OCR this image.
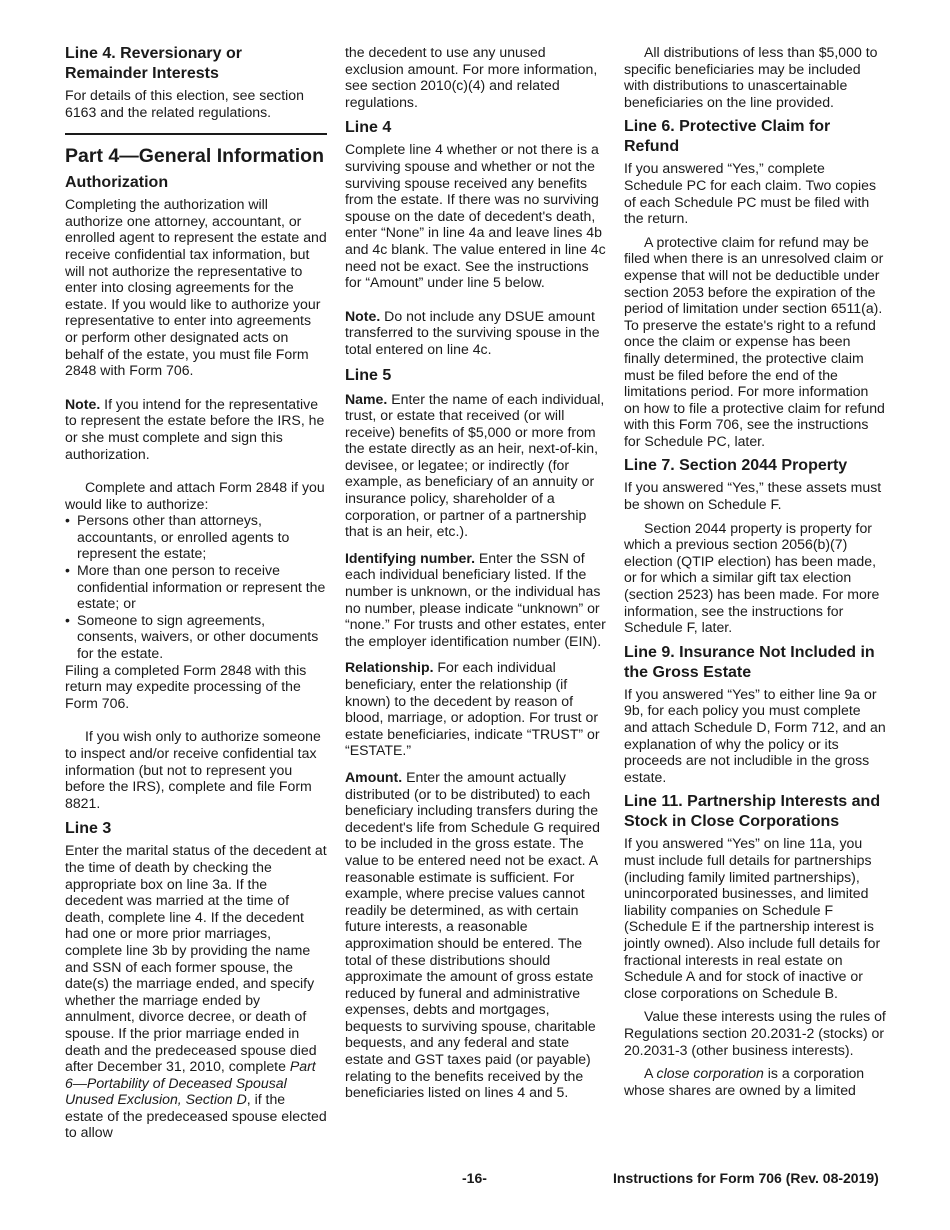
Line 4. Reversionary or Remainder Interests

For details of this election, see section 6163 and the related regulations.

Part 4—General Information
Authorization

Completing the authorization will authorize one attorney, accountant, or enrolled agent to represent the estate and receive confidential tax information, but will not authorize the representative to enter into closing agreements for the estate. If you would like to authorize your representative to enter into agreements or perform other designated acts on behalf of the estate, you must file Form 2848 with Form 706.

Note. If you intend for the representative to represent the estate before the IRS, he or she must complete and sign this authorization.

Complete and attach Form 2848 if you would like to authorize:

• Persons other than attorneys, accountants, or enrolled agents to represent the estate;

• More than one person to receive confidential information or represent the estate; or

• Someone to sign agreements, consents, waivers, or other documents for the estate.

Filing a completed Form 2848 with this return may expedite processing of the Form 706.

If you wish only to authorize someone to inspect and/or receive confidential tax information (but not to represent you before the IRS), complete and file Form 8821.

Line 3

Enter the marital status of the decedent at the time of death by checking the appropriate box on line 3a. If the decedent was married at the time of death, complete line 4. If the decedent had one or more prior marriages, complete line 3b by providing the name and SSN of each former spouse, the date(s) the marriage ended, and specify whether the marriage ended by annulment, divorce decree, or death of spouse. If the prior marriage ended in death and the predeceased spouse died after December 31, 2010, complete Part 6—Portability of Deceased Spousal Unused Exclusion, Section D, if the estate of the predeceased spouse elected to allow

the decedent to use any unused exclusion amount. For more information, see section 2010(c)(4) and related regulations.

Line 4

Complete line 4 whether or not there is a surviving spouse and whether or not the surviving spouse received any benefits from the estate. If there was no surviving spouse on the date of decedent's death, enter “None” in line 4a and leave lines 4b and 4c blank. The value entered in line 4c need not be exact. See the instructions for “Amount” under line 5 below.

Note. Do not include any DSUE amount transferred to the surviving spouse in the total entered on line 4c.

Line 5

Name. Enter the name of each individual, trust, or estate that received (or will receive) benefits of $5,000 or more from the estate directly as an heir, next-of-kin, devisee, or legatee; or indirectly (for example, as beneficiary of an annuity or insurance policy, shareholder of a corporation, or partner of a partnership that is an heir, etc.).

Identifying number. Enter the SSN of each individual beneficiary listed. If the number is unknown, or the individual has no number, please indicate “unknown” or “none.” For trusts and other estates, enter the employer identification number (EIN).

Relationship. For each individual beneficiary, enter the relationship (if known) to the decedent by reason of blood, marriage, or adoption. For trust or estate beneficiaries, indicate “TRUST” or “ESTATE.”

Amount. Enter the amount actually distributed (or to be distributed) to each beneficiary including transfers during the decedent's life from Schedule G required to be included in the gross estate. The value to be entered need not be exact. A reasonable estimate is sufficient. For example, where precise values cannot readily be determined, as with certain future interests, a reasonable approximation should be entered. The total of these distributions should approximate the amount of gross estate reduced by funeral and administrative expenses, debts and mortgages, bequests to surviving spouse, charitable bequests, and any federal and state estate and GST taxes paid (or payable) relating to the benefits received by the beneficiaries listed on lines 4 and 5.

All distributions of less than $5,000 to specific beneficiaries may be included with distributions to unascertainable beneficiaries on the line provided.

Line 6. Protective Claim for Refund

If you answered “Yes,” complete Schedule PC for each claim. Two copies of each Schedule PC must be filed with the return.

A protective claim for refund may be filed when there is an unresolved claim or expense that will not be deductible under section 2053 before the expiration of the period of limitation under section 6511(a). To preserve the estate's right to a refund once the claim or expense has been finally determined, the protective claim must be filed before the end of the limitations period. For more information on how to file a protective claim for refund with this Form 706, see the instructions for Schedule PC, later.

Line 7. Section 2044 Property

If you answered “Yes,” these assets must be shown on Schedule F.

Section 2044 property is property for which a previous section 2056(b)(7) election (QTIP election) has been made, or for which a similar gift tax election (section 2523) has been made. For more information, see the instructions for Schedule F, later.

Line 9. Insurance Not Included in the Gross Estate

If you answered “Yes” to either line 9a or 9b, for each policy you must complete and attach Schedule D, Form 712, and an explanation of why the policy or its proceeds are not includible in the gross estate.

Line 11. Partnership Interests and Stock in Close Corporations

If you answered “Yes” on line 11a, you must include full details for partnerships (including family limited partnerships), unincorporated businesses, and limited liability companies on Schedule F (Schedule E if the partnership interest is jointly owned). Also include full details for fractional interests in real estate on Schedule A and for stock of inactive or close corporations on Schedule B.

Value these interests using the rules of Regulations section 20.2031-2 (stocks) or 20.2031-3 (other business interests).

A close corporation is a corporation whose shares are owned by a limited

-16-	Instructions for Form 706 (Rev. 08-2019)
